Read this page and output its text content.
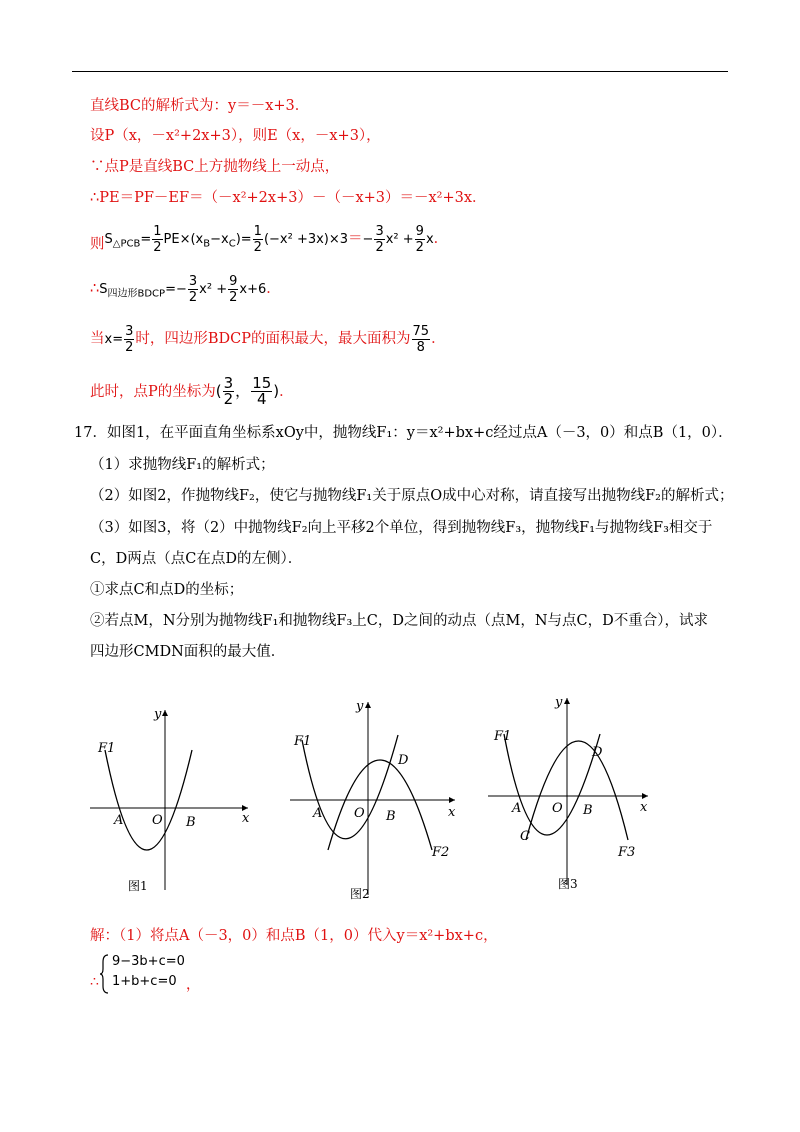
直线BC的解析式为：y＝－x+3．
设P（x，－x²+2x+3），则E（x，－x+3），
∵点P是直线BC上方抛物线上一动点，
∴PE＝PF－EF＝（－x²+2x+3）－（－x+3）＝－x²+3x．
则$S_{\triangle PCB}= \frac{1}{2} PE\times(x_B-x_C)= \frac{1}{2} (-x^2 +3x)\times 3=- \frac{3}{2} x^2 + \frac{9}{2}$ x．
$\therefore S_{四边形BDCP}=- \frac{3}{2} x^2 + \frac{9}{2} x+6$．
当$x= \frac{3}{2}$ 时，四边形BDCP的面积最大，最大面积为 $\frac{75}{8}$ ．
此时，点P的坐标为( $\frac{3}{2}$ ， $\frac{15}{4}$ )．
17．如图1，在平面直角坐标系xOy中，抛物线F₁：y＝x²+bx+c经过点A（－3，0）和点B（1，0）．
（1）求抛物线F₁的解析式；
（2）如图2，作抛物线F₂，使它与抛物线F₁关于原点O成中心对称，请直接写出抛物线F₂的解析式；
（3）如图3，将（2）中抛物线F₂向上平移2个单位，得到抛物线F₃，抛物线F₁与抛物线F₃相交于
C，D两点（点C在点D的左侧）．
①求点C和点D的坐标；
②若点M，N分别为抛物线F₁和抛物线F₃上C，D之间的动点（点M，N与点C，D不重合），试求
四边形CMDN面积的最大值．
y
x
F1
A O B
图1
y
x
F1
F2
A O B
D
图2
y
x
F1
F3
A O B
C
D
图3
解：（1）将点A（－3，0）和点B（1，0）代入y＝x²+bx+c，
∴
9−3b+c=0
1+b+c=0 ，
